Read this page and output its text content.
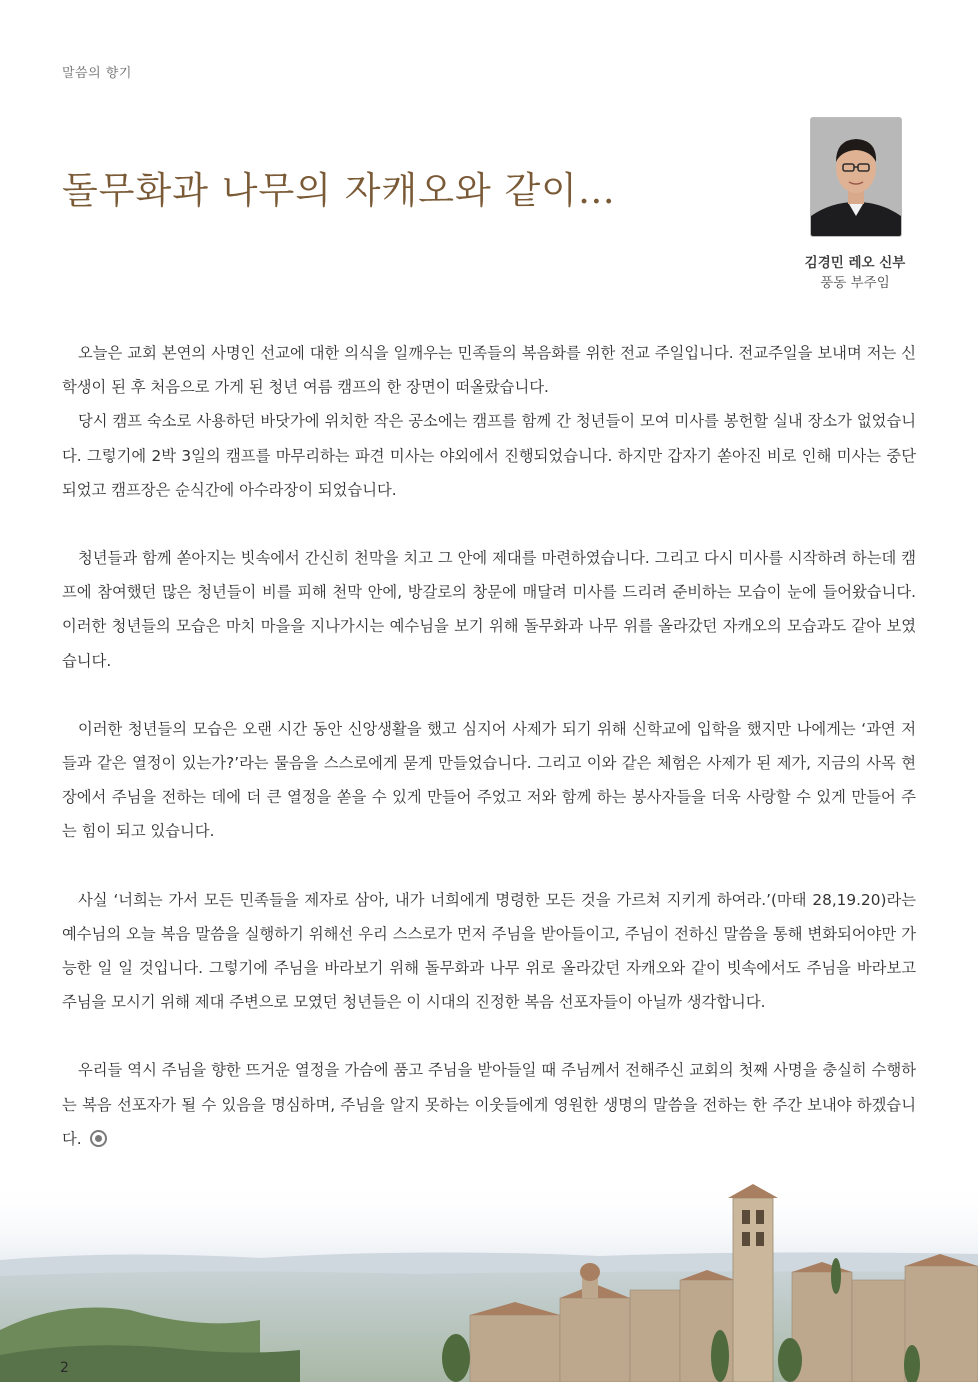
말씀의 향기
돌무화과 나무의 자캐오와 같이…
김경민 레오 신부
풍동 부주임

오늘은 교회 본연의 사명인 선교에 대한 의식을 일깨우는 민족들의 복음화를 위한 전교 주일입니다. 전교주일을 보내며 저는 신학생이 된 후 처음으로 가게 된 청년 여름 캠프의 한 장면이 떠올랐습니다.

당시 캠프 숙소로 사용하던 바닷가에 위치한 작은 공소에는 캠프를 함께 간 청년들이 모여 미사를 봉헌할 실내 장소가 없었습니다. 그렇기에 2박 3일의 캠프를 마무리하는 파견 미사는 야외에서 진행되었습니다. 하지만 갑자기 쏟아진 비로 인해 미사는 중단되었고 캠프장은 순식간에 아수라장이 되었습니다.

청년들과 함께 쏟아지는 빗속에서 간신히 천막을 치고 그 안에 제대를 마련하였습니다. 그리고 다시 미사를 시작하려 하는데 캠프에 참여했던 많은 청년들이 비를 피해 천막 안에, 방갈로의 창문에 매달려 미사를 드리려 준비하는 모습이 눈에 들어왔습니다. 이러한 청년들의 모습은 마치 마을을 지나가시는 예수님을 보기 위해 돌무화과 나무 위를 올라갔던 자캐오의 모습과도 같아 보였습니다.

이러한 청년들의 모습은 오랜 시간 동안 신앙생활을 했고 심지어 사제가 되기 위해 신학교에 입학을 했지만 나에게는 ‘과연 저들과 같은 열정이 있는가?’라는 물음을 스스로에게 묻게 만들었습니다. 그리고 이와 같은 체험은 사제가 된 제가, 지금의 사목 현장에서 주님을 전하는 데에 더 큰 열정을 쏟을 수 있게 만들어 주었고 저와 함께 하는 봉사자들을 더욱 사랑할 수 있게 만들어 주는 힘이 되고 있습니다.

사실 ‘너희는 가서 모든 민족들을 제자로 삼아, 내가 너희에게 명령한 모든 것을 가르쳐 지키게 하여라.’(마태 28,19.20)라는 예수님의 오늘 복음 말씀을 실행하기 위해선 우리 스스로가 먼저 주님을 받아들이고, 주님이 전하신 말씀을 통해 변화되어야만 가능한 일 일 것입니다. 그렇기에 주님을 바라보기 위해 돌무화과 나무 위로 올라갔던 자캐오와 같이 빗속에서도 주님을 바라보고 주님을 모시기 위해 제대 주변으로 모였던 청년들은 이 시대의 진정한 복음 선포자들이 아닐까 생각합니다.

우리들 역시 주님을 향한 뜨거운 열정을 가슴에 품고 주님을 받아들일 때 주님께서 전해주신 교회의 첫째 사명을 충실히 수행하는 복음 선포자가 될 수 있음을 명심하며, 주님을 알지 못하는 이웃들에게 영원한 생명의 말씀을 전하는 한 주간 보내야 하겠습니다.

2
